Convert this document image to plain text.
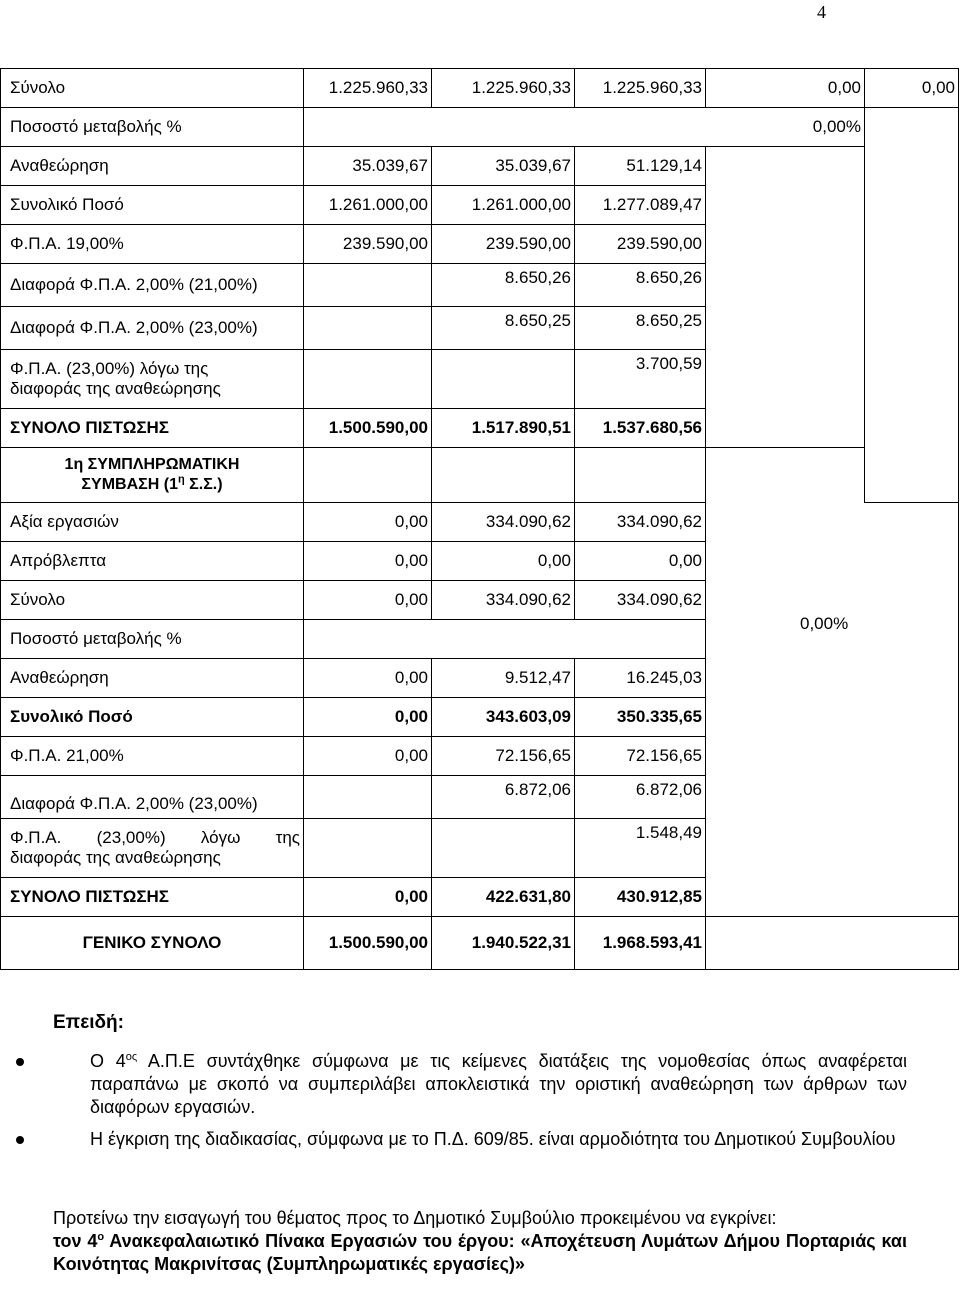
4
Σύνολο	1.225.960,33	1.225.960,33	1.225.960,33	0,00	0,00
Ποσοστό μεταβολής %	0,00%				
Αναθεώρηση	35.039,67	35.039,67	51.129,14		
Συνολικό Ποσό	1.261.000,00	1.261.000,00	1.277.089,47		
Φ.Π.Α. 19,00%	239.590,00	239.590,00	239.590,00		
Διαφορά Φ.Π.Α. 2,00% (21,00%)		8.650,26	8.650,26		
Διαφορά Φ.Π.Α. 2,00% (23,00%)		8.650,25	8.650,25		
Φ.Π.Α. (23,00%) λόγω της
διαφοράς της αναθεώρησης			3.700,59		
ΣΥΝΟΛΟ ΠΙΣΤΩΣΗΣ	1.500.590,00	1.517.890,51	1.537.680,56		
1η ΣΥΜΠΛΗΡΩΜΑΤΙΚΗ
ΣΥΜΒΑΣΗ ($1^\eta$ Σ.Σ.)					
Αξία εργασιών	0,00	334.090,62	334.090,62		
Απρόβλεπτα	0,00	0,00	0,00		
Σύνολο	0,00	334.090,62	334.090,62		
Ποσοστό μεταβολής %					
Αναθεώρηση	0,00	9.512,47	16.245,03		
Συνολικό Ποσό	0,00	343.603,09	350.335,65		
Φ.Π.Α. 21,00%	0,00	72.156,65	72.156,65		
Διαφορά Φ.Π.Α. 2,00% (23,00%)		6.872,06	6.872,06		

Φ.Π.Α. (23,00%) λόγω της
διαφοράς της αναθεώρησης			1.548,49		
ΣΥΝΟΛΟ ΠΙΣΤΩΣΗΣ	0,00	422.631,80	430.912,85		
ΓΕΝΙΚΟ ΣΥΝΟΛΟ	1.500.590,00	1.940.522,31	1.968.593,41		
0,00%
Επειδή:
Ο $4^{o\varsigma}$ Α.Π.Ε συντάχθηκε σύμφωνα με τις κείμενες διατάξεις της νομοθεσίας όπως αναφέρεται παραπάνω με σκοπό να συμπεριλάβει αποκλειστικά την οριστική αναθεώρηση των άρθρων των διαφόρων εργασιών.
Η έγκριση της διαδικασίας, σύμφωνα με το Π.Δ. 609/85. είναι αρμοδιότητα του Δημοτικού Συμβουλίου
Προτείνω την εισαγωγή του θέματος προς το Δημοτικό Συμβούλιο προκειμένου να εγκρίνει:
τον $4^o$ Ανακεφαλαιωτικό Πίνακα Εργασιών του έργου: «Αποχέτευση Λυμάτων Δήμου Πορταριάς και Κοινότητας Μακρινίτσας (Συμπληρωματικές εργασίες)»
